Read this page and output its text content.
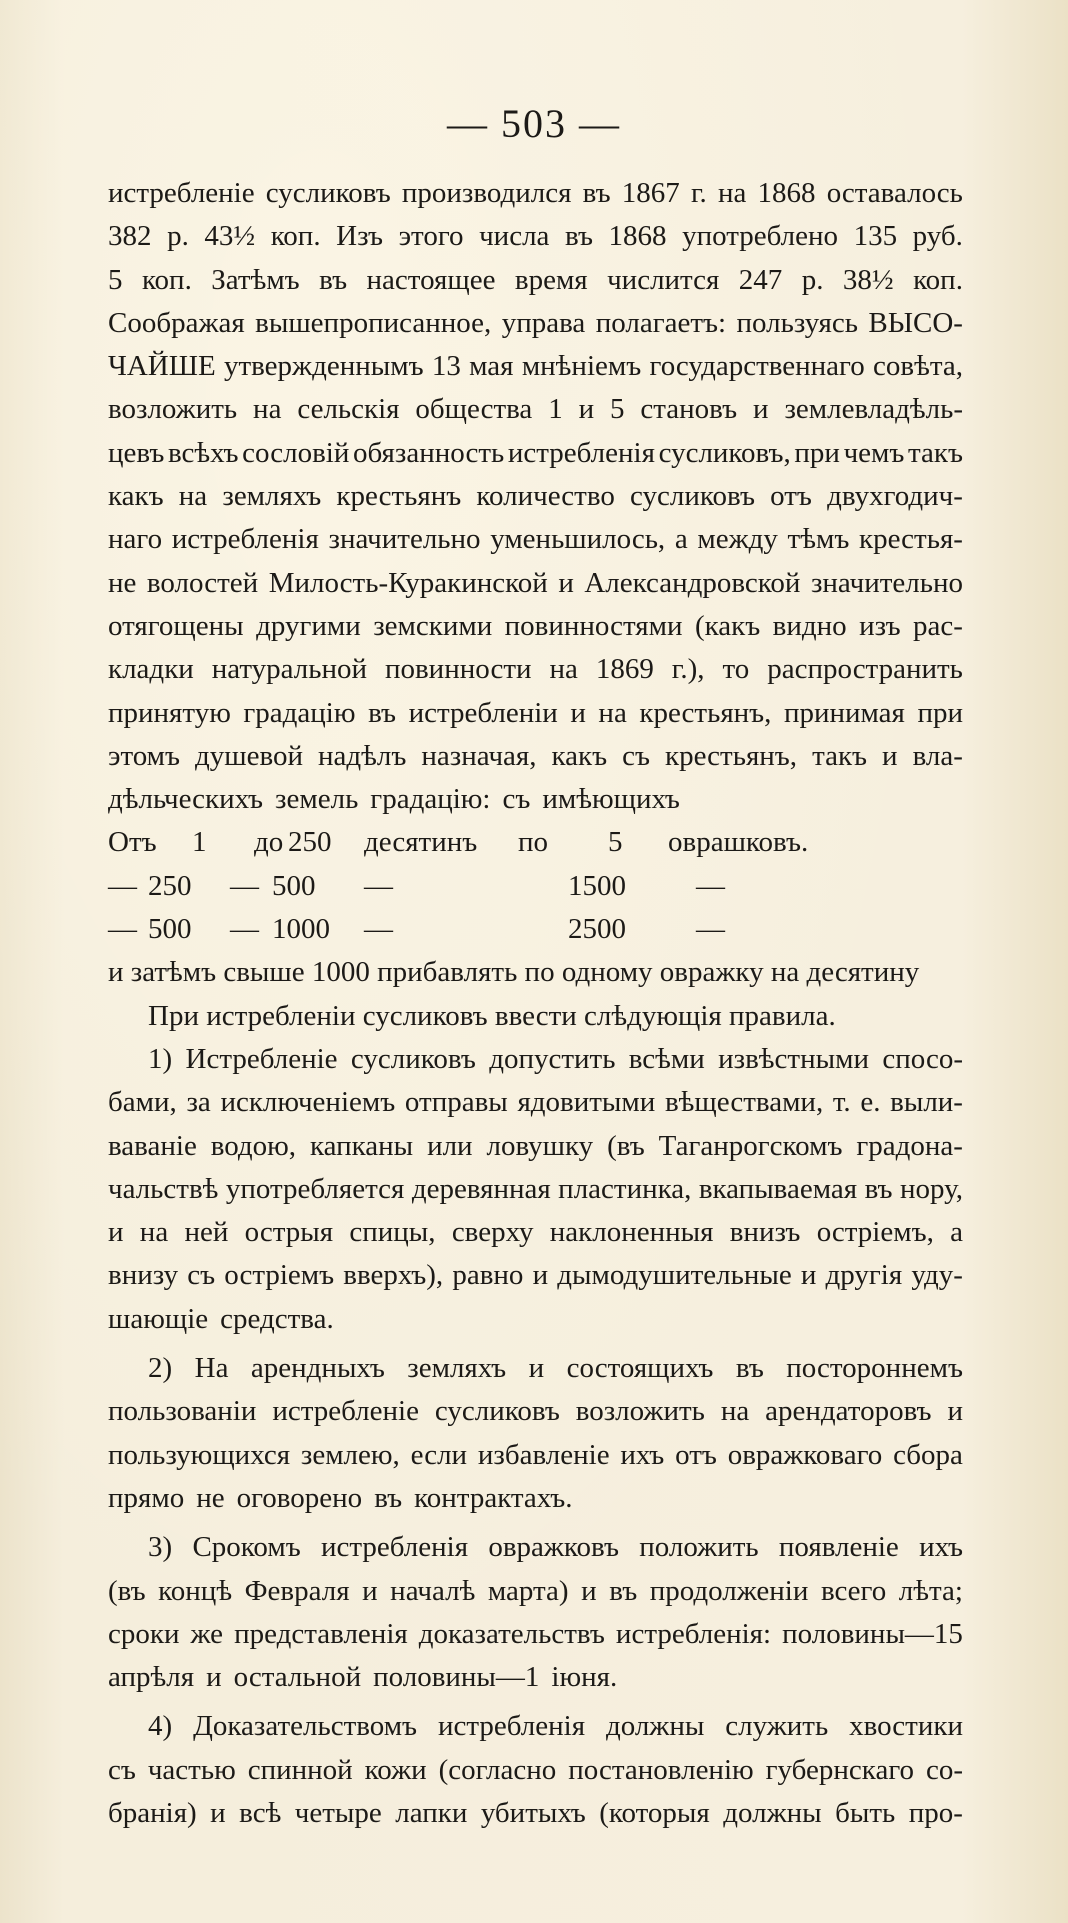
— 503 —
истребленіе сусликовъ производился въ 1867 г. на 1868 оставалось
382 р. 43½ коп. Изъ этого числа въ 1868 употреблено 135 руб.
5 коп. Затѣмъ въ настоящее время числится 247 р. 38½ коп.
Соображая вышепрописанное, управа полагаетъ: пользуясь ВЫСО-
ЧАЙШЕ утвержденнымъ 13 мая мнѣніемъ государственнаго совѣта,
возложить на сельскія общества 1 и 5 становъ и землевладѣль-
цевъ всѣхъ сословій обязанность истребленія сусликовъ, при чемъ такъ
какъ на земляхъ крестьянъ количество сусликовъ отъ двухгодич-
наго истребленія значительно уменьшилось, а между тѣмъ крестья-
не волостей Милость-Куракинской и Александровской значительно
отягощены другими земскими повинностями (какъ видно изъ рас-
кладки натуральной повинности на 1869 г.), то распространить
принятую градацію въ истребленіи и на крестьянъ, принимая при
этомъ душевой надѣлъ назначая, какъ съ крестьянъ, такъ и вла-
дѣльческихъ земель градацію: съ имѣющихъ
Отъ 1 до 250 десятинъ по 5 оврашковъ.
— 250 — 500 —	1500 —
— 500 — 1000 —	2500 —
и затѣмъ свыше 1000 прибавлять по одному овражку на десятину
При истребленіи сусликовъ ввести слѣдующія правила.
1) Истребленіе сусликовъ допустить всѣми извѣстными спосо-
бами, за исключеніемъ отправы ядовитыми вѣществами, т. е. выли-
ваваніе водою, капканы или ловушку (въ Таганрогскомъ градона-
чальствѣ употребляется деревянная пластинка, вкапываемая въ нору,
и на ней острыя спицы, сверху наклоненныя внизъ остріемъ, а
внизу съ остріемъ вверхъ), равно и дымодушительные и другія уду-
шающіе средства.
2) На арендныхъ земляхъ и состоящихъ въ постороннемъ
пользованіи истребленіе сусликовъ возложить на арендаторовъ и
пользующихся землею, если избавленіе ихъ отъ овражковаго сбора
прямо не оговорено въ контрактахъ.
3) Срокомъ истребленія овражковъ положить появленіе ихъ
(въ концѣ Февраля и началѣ марта) и въ продолженіи всего лѣта;
сроки же представленія доказательствъ истребленія: половины—15
апрѣля и остальной половины—1 іюня.
4) Доказательствомъ истребленія должны служить хвостики
съ частью спинной кожи (согласно постановленію губернскаго со-
бранія) и всѣ четыре лапки убитыхъ (которыя должны быть про-
